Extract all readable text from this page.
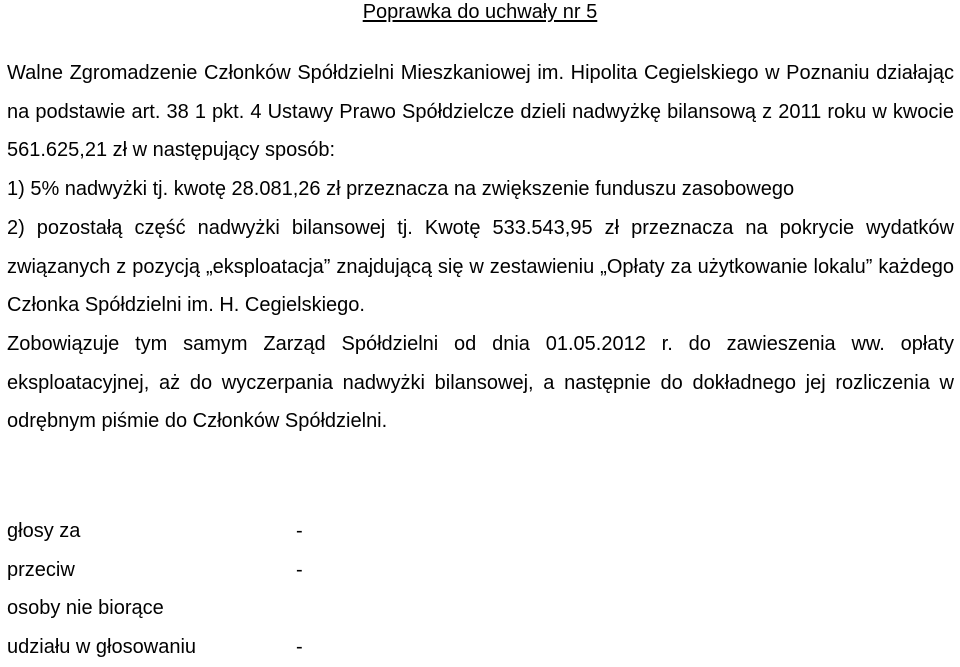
Poprawka do uchwały nr 5

Walne Zgromadzenie Członków Spółdzielni Mieszkaniowej im. Hipolita Cegielskiego w Poznaniu działając na podstawie art. 38 1 pkt. 4 Ustawy Prawo Spółdzielcze dzieli nadwyżkę bilansową z 2011 roku w kwocie 561.625,21 zł w następujący sposób:

1) 5% nadwyżki tj. kwotę 28.081,26 zł przeznacza na zwiększenie funduszu zasobowego

2) pozostałą część nadwyżki bilansowej tj. Kwotę 533.543,95 zł przeznacza na pokrycie wydatków związanych z pozycją „eksploatacja” znajdującą się w zestawieniu „Opłaty za użytkowanie lokalu” każdego Członka Spółdzielni im. H. Cegielskiego.

Zobowiązuje tym samym Zarząd Spółdzielni od dnia 01.05.2012 r. do zawieszenia ww. opłaty eksploatacyjnej, aż do wyczerpania nadwyżki bilansowej, a następnie do dokładnego jej rozliczenia w odrębnym piśmie do Członków Spółdzielni.

głosy za	-
przeciw	-
osoby nie biorące
udziału w głosowaniu	-
